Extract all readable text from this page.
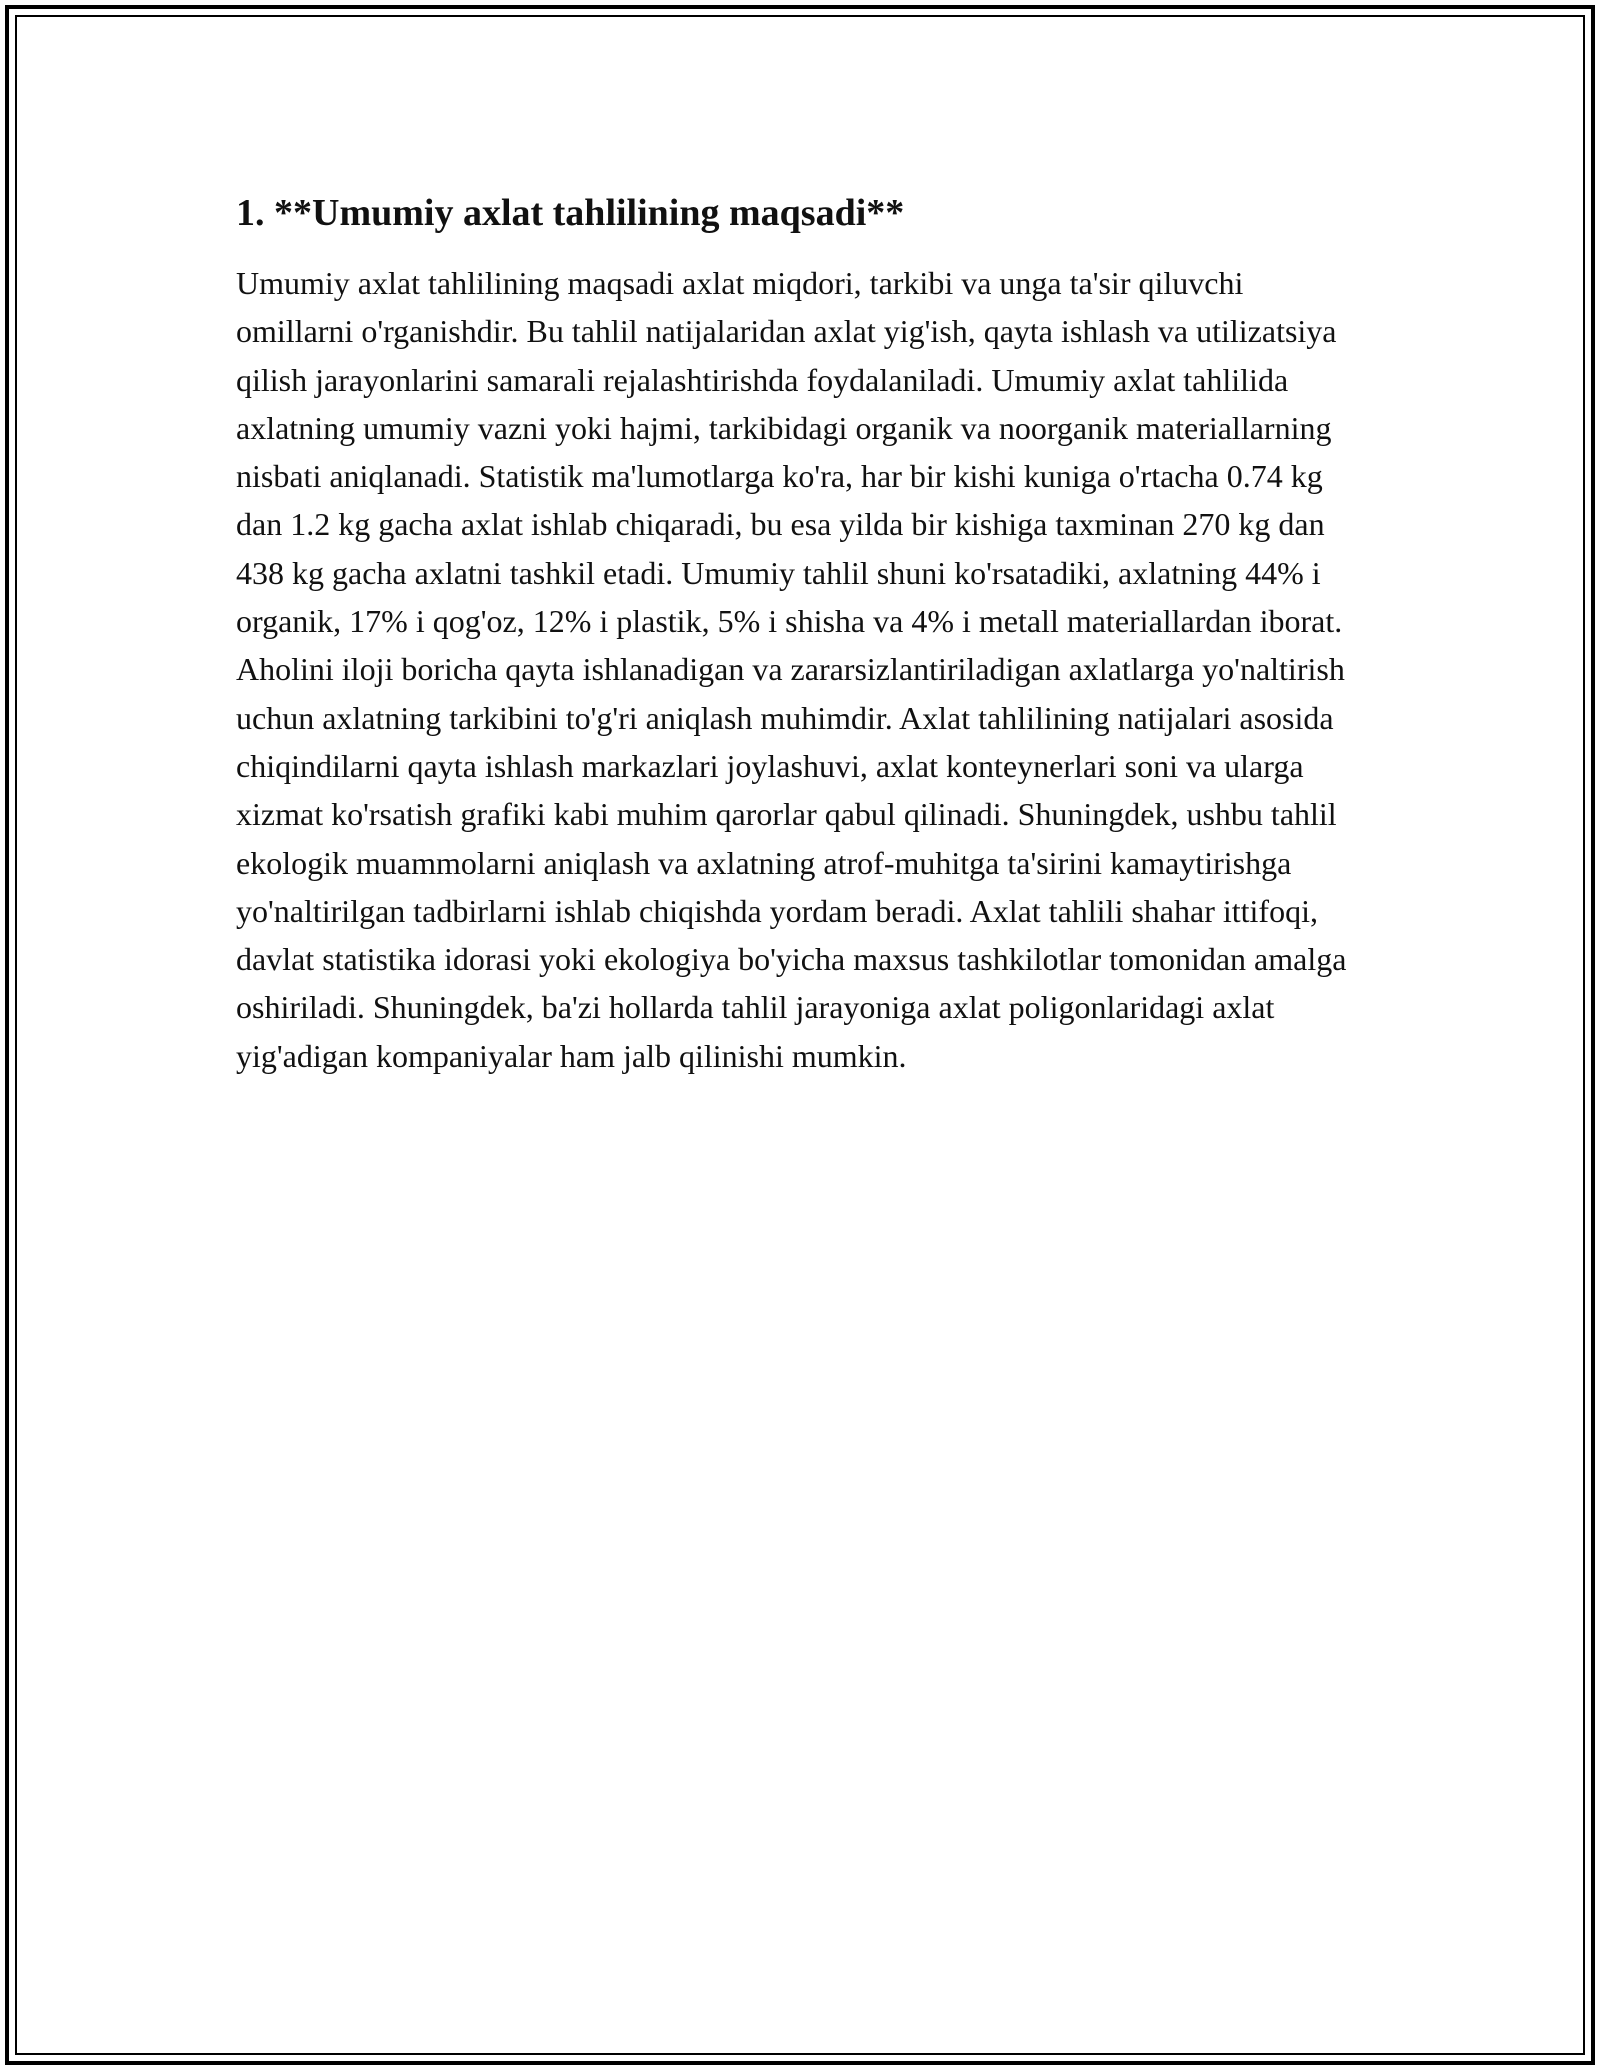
1. **Umumiy axlat tahlilining maqsadi**

Umumiy axlat tahlilining maqsadi axlat miqdori, tarkibi va unga ta'sir qiluvchi omillarni o'rganishdir. Bu tahlil natijalaridan axlat yig'ish, qayta ishlash va utilizatsiya qilish jarayonlarini samarali rejalashtirishda foydalaniladi. Umumiy axlat tahlilida axlatning umumiy vazni yoki hajmi, tarkibidagi organik va noorganik materiallarning nisbati aniqlanadi. Statistik ma'lumotlarga ko'ra, har bir kishi kuniga o'rtacha 0.74 kg dan 1.2 kg gacha axlat ishlab chiqaradi, bu esa yilda bir kishiga taxminan 270 kg dan 438 kg gacha axlatni tashkil etadi. Umumiy tahlil shuni ko'rsatadiki, axlatning 44% i organik, 17% i qog'oz, 12% i plastik, 5% i shisha va 4% i metall materiallardan iborat. Aholini iloji boricha qayta ishlanadigan va zararsizlantiriladigan axlatlarga yo'naltirish uchun axlatning tarkibini to'g'ri aniqlash muhimdir. Axlat tahlilining natijalari asosida chiqindilarni qayta ishlash markazlari joylashuvi, axlat konteynerlari soni va ularga xizmat ko'rsatish grafiki kabi muhim qarorlar qabul qilinadi. Shuningdek, ushbu tahlil ekologik muammolarni aniqlash va axlatning atrof-muhitga ta'sirini kamaytirishga yo'naltirilgan tadbirlarni ishlab chiqishda yordam beradi. Axlat tahlili shahar ittifoqi, davlat statistika idorasi yoki ekologiya bo'yicha maxsus tashkilotlar tomonidan amalga oshiriladi. Shuningdek, ba'zi hollarda tahlil jarayoniga axlat poligonlaridagi axlat yig'adigan kompaniyalar ham jalb qilinishi mumkin.
